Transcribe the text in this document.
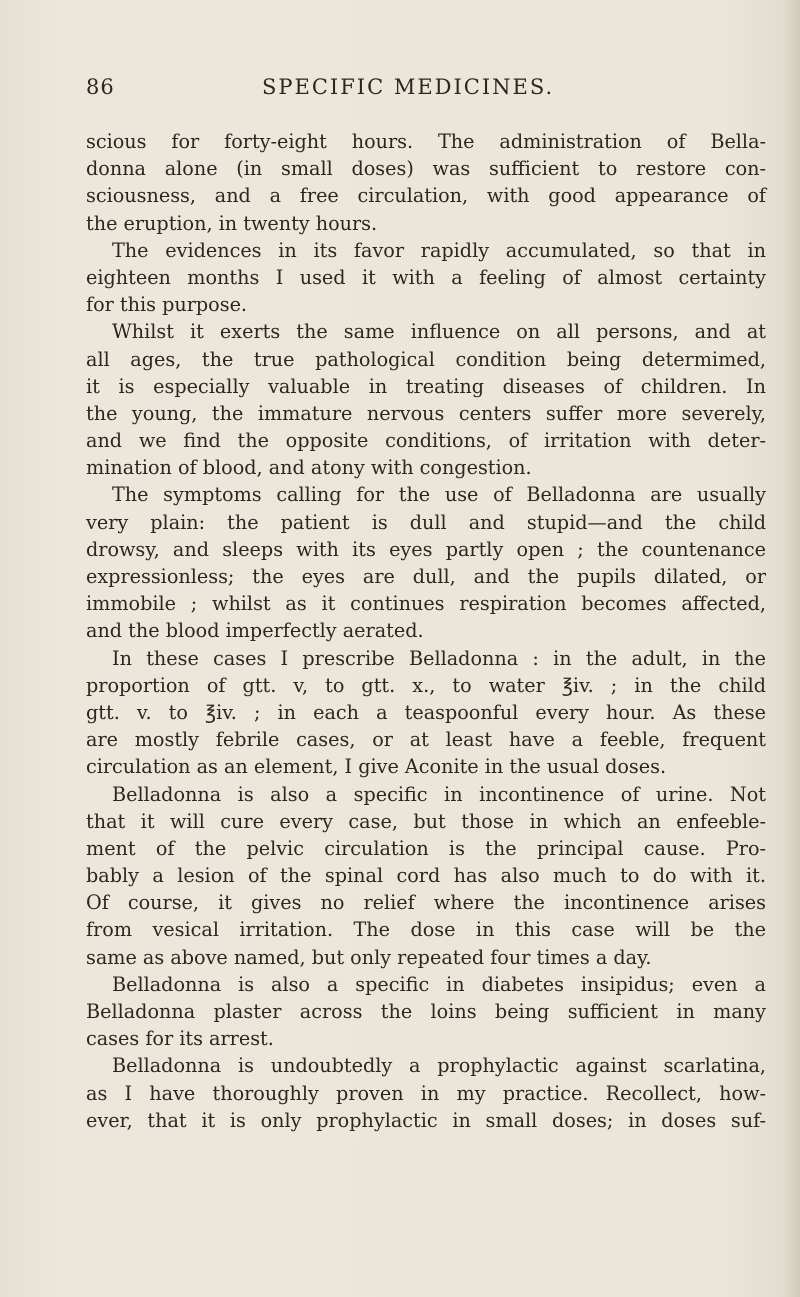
86	SPECIFIC MEDICINES.
scious for forty-eight hours. The administration of Bella-
donna alone (in small doses) was sufficient to restore con-
sciousness, and a free circulation, with good appearance of
the eruption, in twenty hours.
The evidences in its favor rapidly accumulated, so that in
eighteen months I used it with a feeling of almost certainty
for this purpose.
Whilst it exerts the same influence on all persons, and at
all ages, the true pathological condition being determimed,
it is especially valuable in treating diseases of children. In
the young, the immature nervous centers suffer more severely,
and we find the opposite conditions, of irritation with deter-
mination of blood, and atony with congestion.
The symptoms calling for the use of Belladonna are usually
very plain: the patient is dull and stupid—and the child
drowsy, and sleeps with its eyes partly open ; the countenance
expressionless; the eyes are dull, and the pupils dilated, or
immobile ; whilst as it continues respiration becomes affected,
and the blood imperfectly aerated.
In these cases I prescribe Belladonna : in the adult, in the
proportion of gtt. v, to gtt. x., to water ℥iv. ; in the child
gtt. v. to ℥iv. ; in each a teaspoonful every hour. As these
are mostly febrile cases, or at least have a feeble, frequent
circulation as an element, I give Aconite in the usual doses.
Belladonna is also a specific in incontinence of urine. Not
that it will cure every case, but those in which an enfeeble-
ment of the pelvic circulation is the principal cause. Pro-
bably a lesion of the spinal cord has also much to do with it.
Of course, it gives no relief where the incontinence arises
from vesical irritation. The dose in this case will be the
same as above named, but only repeated four times a day.
Belladonna is also a specific in diabetes insipidus; even a
Belladonna plaster across the loins being sufficient in many
cases for its arrest.
Belladonna is undoubtedly a prophylactic against scarlatina,
as I have thoroughly proven in my practice. Recollect, how-
ever, that it is only prophylactic in small doses; in doses suf-
